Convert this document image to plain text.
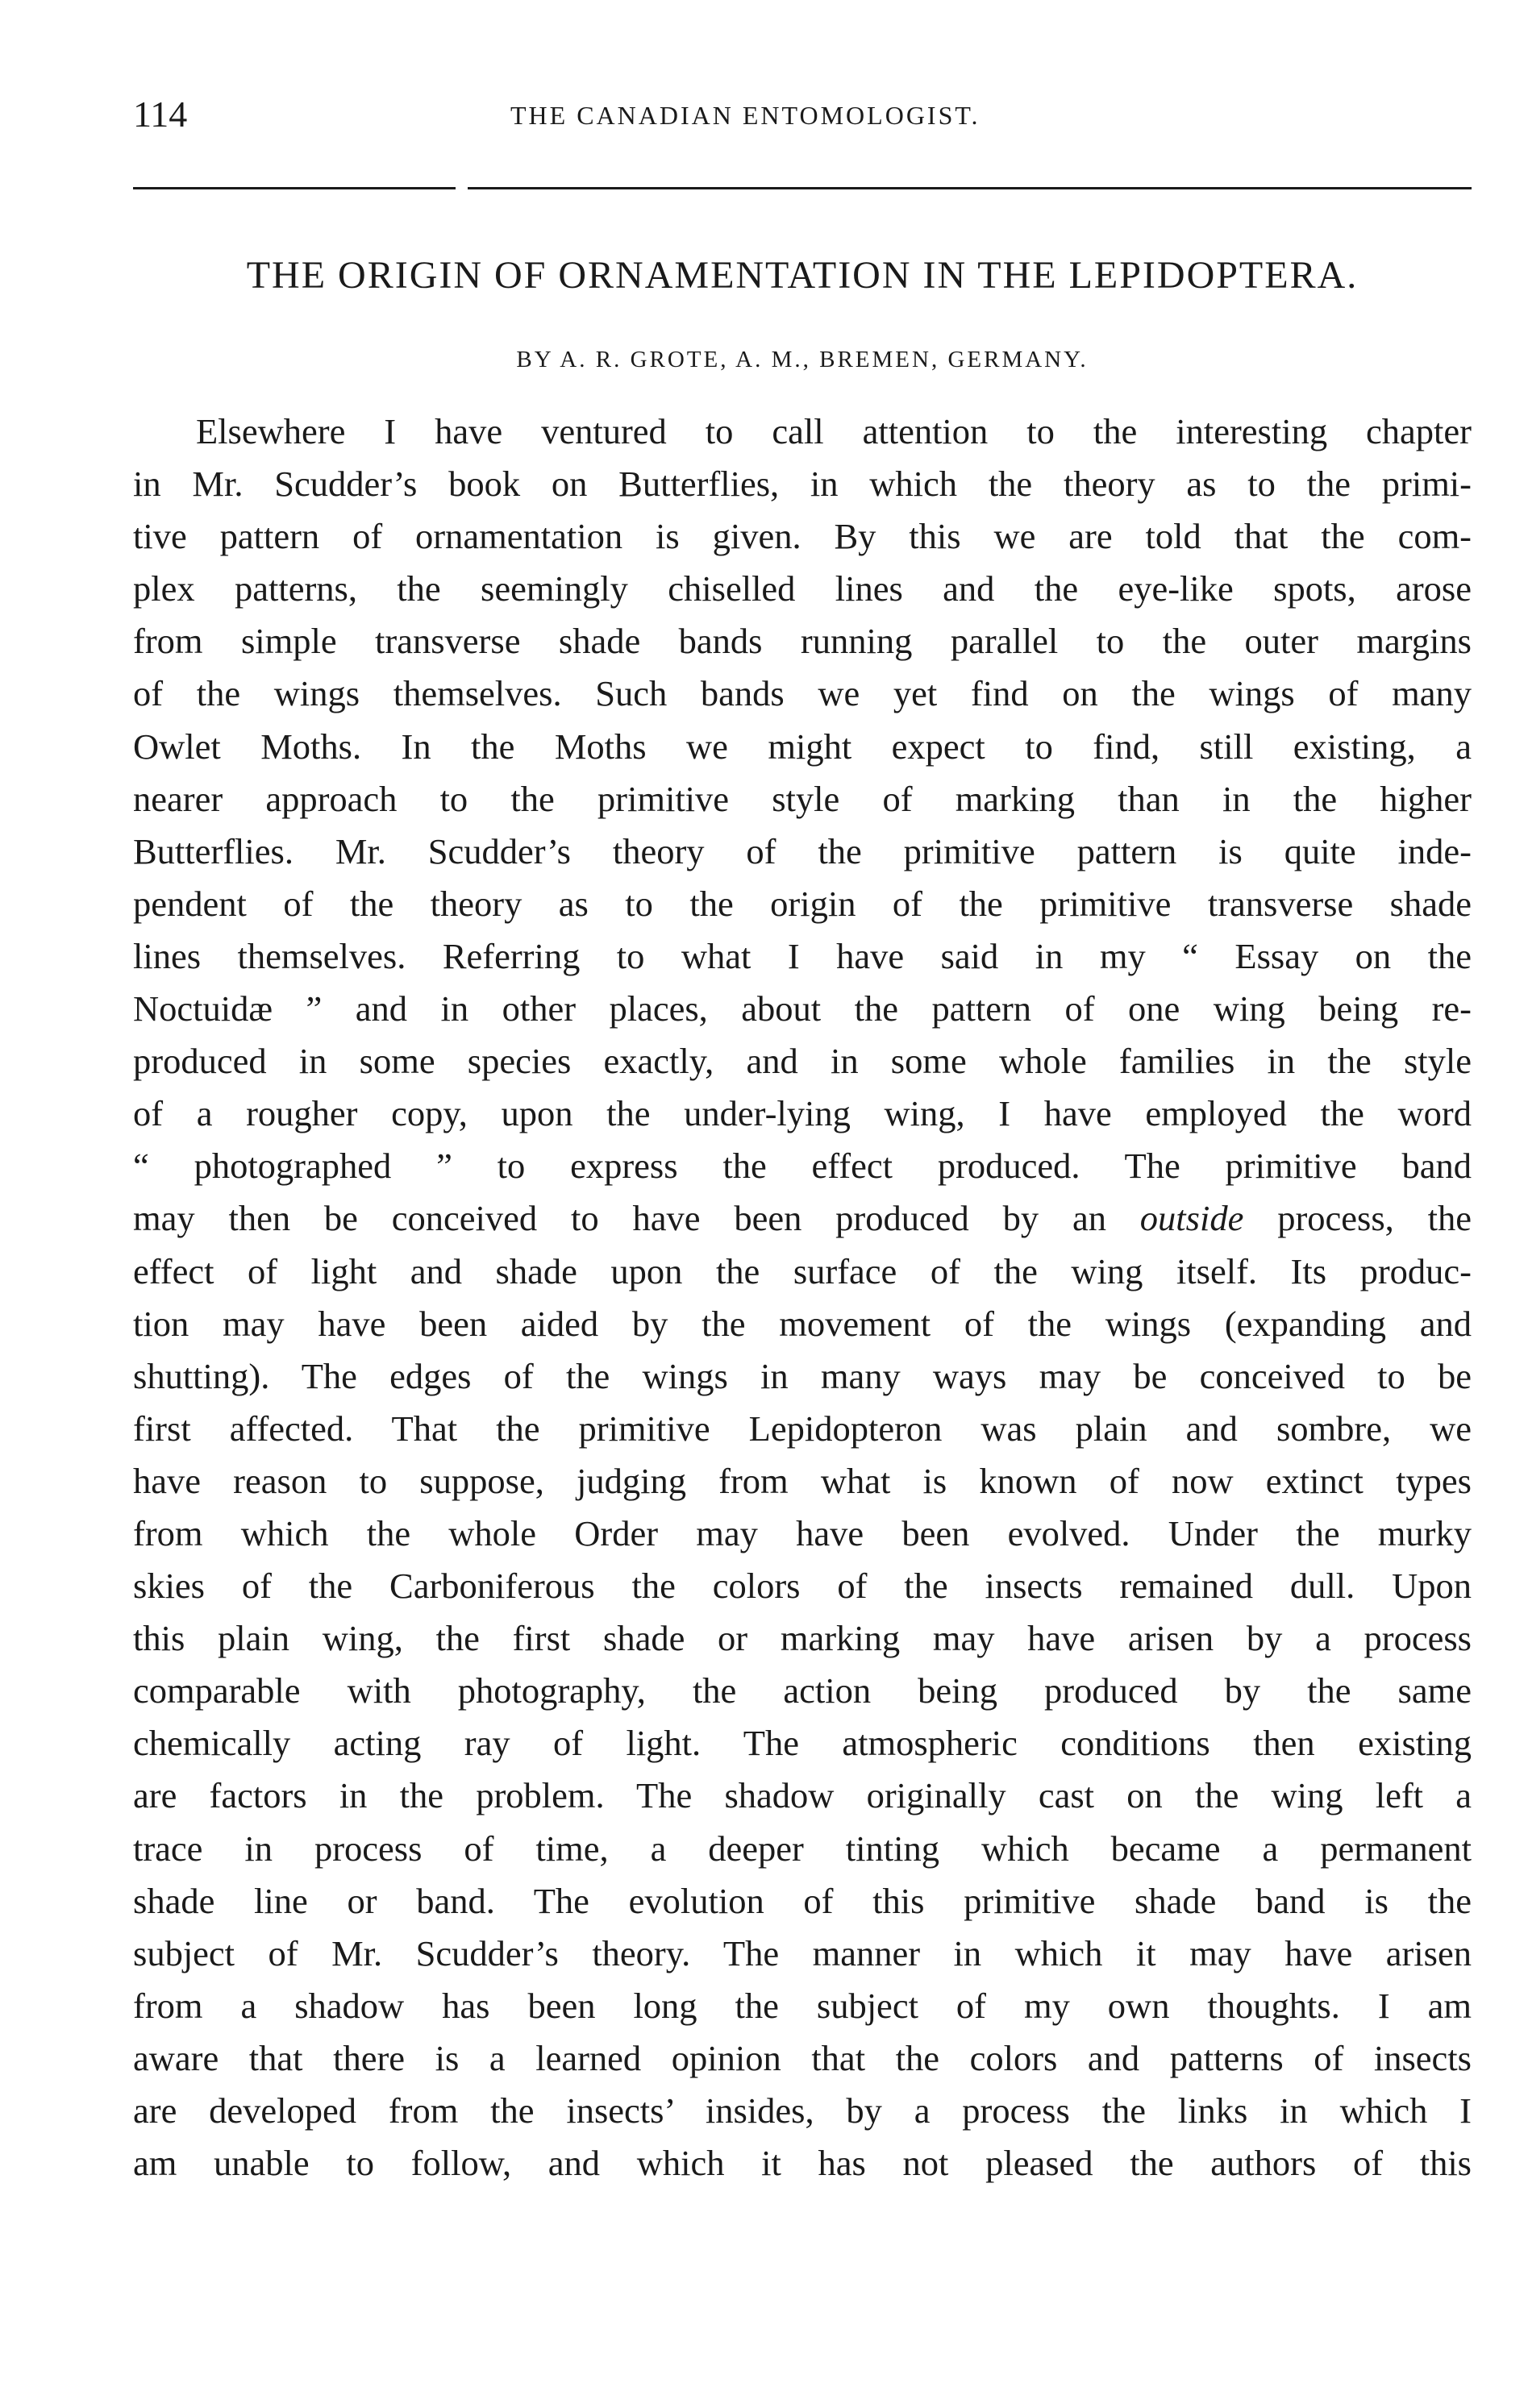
114	THE CANADIAN ENTOMOLOGIST.
THE ORIGIN OF ORNAMENTATION IN THE LEPIDOPTERA.
BY A. R. GROTE, A. M., BREMEN, GERMANY.
Elsewhere I have ventured to call attention to the interesting chapter
in Mr. Scudder’s book on Butterflies, in which the theory as to the primi-
tive pattern of ornamentation is given. By this we are told that the com-
plex patterns, the seemingly chiselled lines and the eye-like spots, arose
from simple transverse shade bands running parallel to the outer margins
of the wings themselves. Such bands we yet find on the wings of many
Owlet Moths. In the Moths we might expect to find, still existing, a
nearer approach to the primitive style of marking than in the higher
Butterflies. Mr. Scudder’s theory of the primitive pattern is quite inde-
pendent of the theory as to the origin of the primitive transverse shade
lines themselves. Referring to what I have said in my “ Essay on the
Noctuidæ ” and in other places, about the pattern of one wing being re-
produced in some species exactly, and in some whole families in the style
of a rougher copy, upon the under-lying wing, I have employed the word
“ photographed ” to express the effect produced. The primitive band
may then be conceived to have been produced by an outside process, the
effect of light and shade upon the surface of the wing itself. Its produc-
tion may have been aided by the movement of the wings (expanding and
shutting). The edges of the wings in many ways may be conceived to be
first affected. That the primitive Lepidopteron was plain and sombre, we
have reason to suppose, judging from what is known of now extinct types
from which the whole Order may have been evolved. Under the murky
skies of the Carboniferous the colors of the insects remained dull. Upon
this plain wing, the first shade or marking may have arisen by a process
comparable with photography, the action being produced by the same
chemically acting ray of light. The atmospheric conditions then existing
are factors in the problem. The shadow originally cast on the wing left a
trace in process of time, a deeper tinting which became a permanent
shade line or band. The evolution of this primitive shade band is the
subject of Mr. Scudder’s theory. The manner in which it may have arisen
from a shadow has been long the subject of my own thoughts. I am
aware that there is a learned opinion that the colors and patterns of insects
are developed from the insects’ insides, by a process the links in which I
am unable to follow, and which it has not pleased the authors of this
